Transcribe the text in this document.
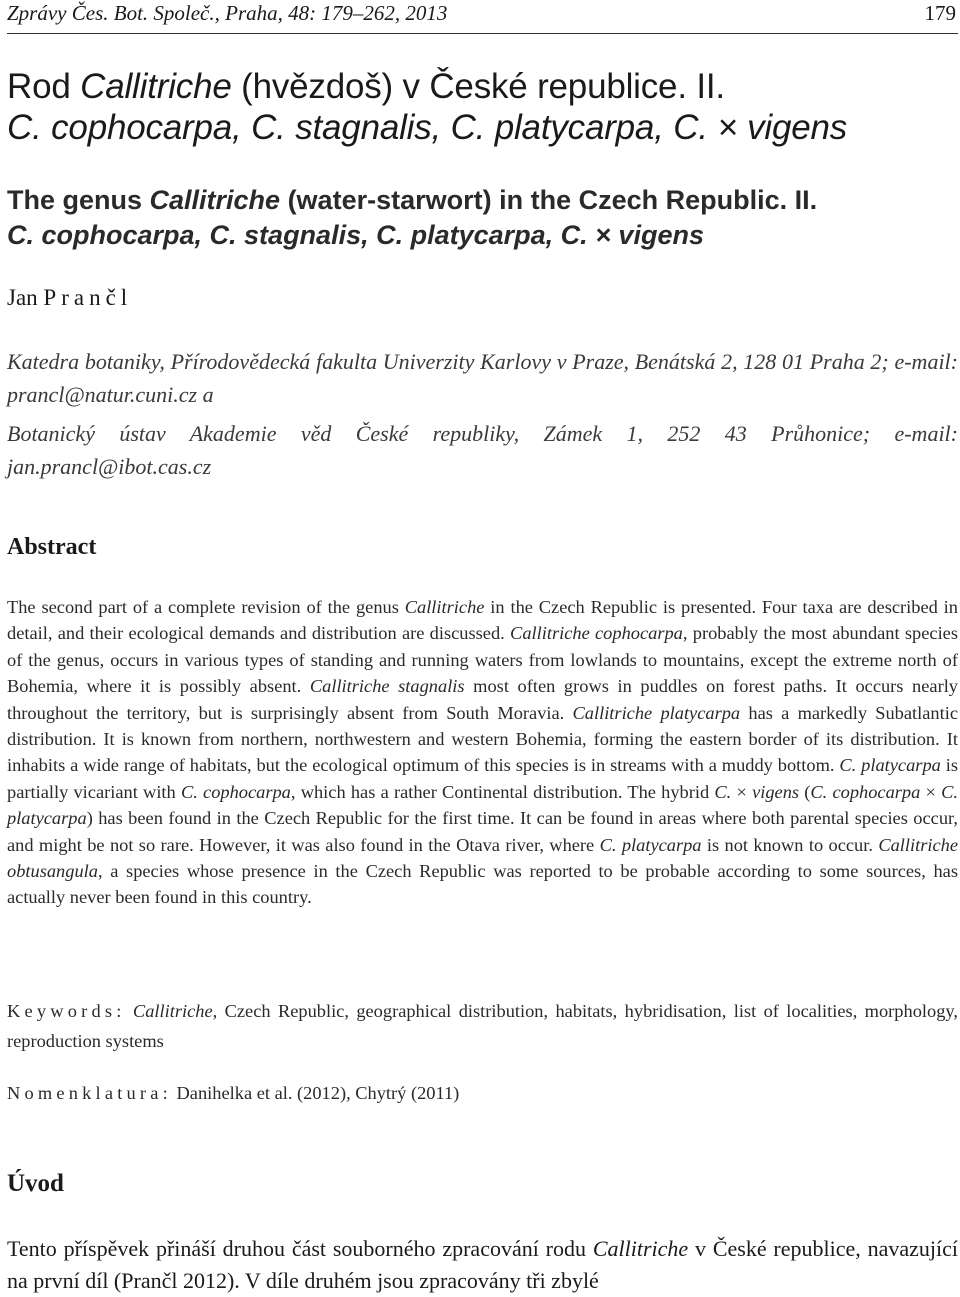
Zprávy Čes. Bot. Společ., Praha, 48: 179–262, 2013	179
Rod Callitriche (hvězdoš) v České republice. II.
C. cophocarpa, C. stagnalis, C. platycarpa, C. × vigens
The genus Callitriche (water-starwort) in the Czech Republic. II.
C. cophocarpa, C. stagnalis, C. platycarpa, C. × vigens
Jan Prančl

Katedra botaniky, Přírodovědecká fakulta Univerzity Karlovy v Praze, Benátská 2, 128 01 Praha 2; e-mail: prancl@natur.cuni.cz a

Botanický ústav Akademie věd České republiky, Zámek 1, 252 43 Průhonice; e-mail: jan.prancl@ibot.cas.cz

Abstract

The second part of a complete revision of the genus Callitriche in the Czech Republic is presented. Four taxa are described in detail, and their ecological demands and distribution are discussed. Callitriche cophocarpa, probably the most abundant species of the genus, occurs in various types of standing and running waters from lowlands to mountains, except the extreme north of Bohemia, where it is possibly absent. Callitriche stagnalis most often grows in puddles on forest paths. It occurs nearly throughout the territory, but is surprisingly absent from South Moravia. Callitriche platycarpa has a markedly Subatlantic distribution. It is known from northern, northwestern and western Bohemia, forming the eastern border of its distribution. It inhabits a wide range of habitats, but the ecological optimum of this species is in streams with a muddy bottom. C. platycarpa is partially vicariant with C. cophocarpa, which has a rather Continental distribution. The hybrid C. × vigens (C. cophocarpa × C. platycarpa) has been found in the Czech Republic for the first time. It can be found in areas where both parental species occur, and might be not so rare. However, it was also found in the Otava river, where C. platycarpa is not known to occur. Callitriche obtusangula, a species whose presence in the Czech Republic was reported to be probable according to some sources, has actually never been found in this country.

Keywords: Callitriche, Czech Republic, geographical distribution, habitats, hybridisation, list of localities, morphology, reproduction systems

Nomenklatura: Danihelka et al. (2012), Chytrý (2011)

Úvod

Tento příspěvek přináší druhou část souborného zpracování rodu Callitriche v České republice, navazující na první díl (Prančl 2012). V díle druhém jsou zpracovány tři zbylé
